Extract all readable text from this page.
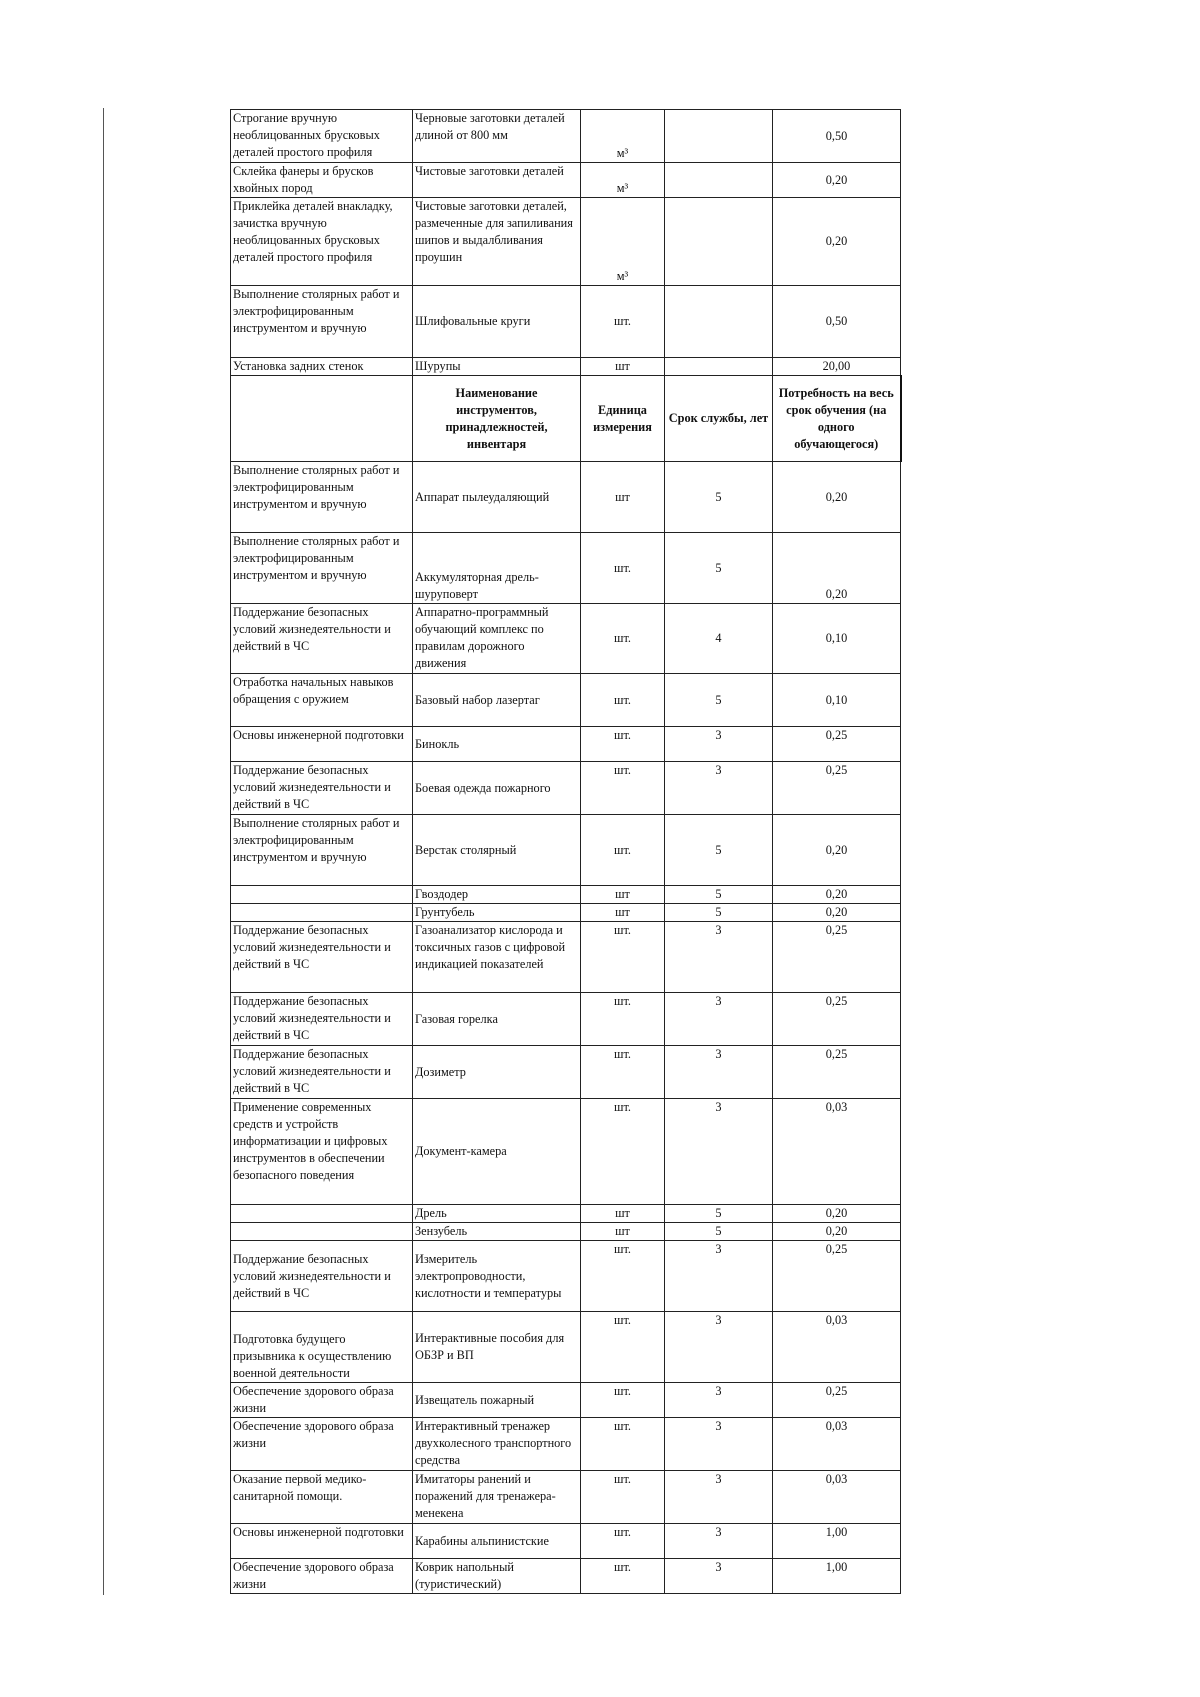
Строгание вручную необлицованных брусковых деталей простого профиля	Черновые заготовки деталей длиной от 800 мм	м³		0,50
Склейка фанеры и брусков хвойных пород	Чистовые заготовки деталей	м³		0,20
Приклейка деталей внакладку, зачистка вручную необлицованных брусковых деталей простого профиля	Чистовые заготовки деталей, размеченные для запиливания шипов и выдалбливания проушин	м³		0,20
Выполнение столярных работ и электрофицированным инструментом и вручную	Шлифовальные круги	шт.		0,50
Установка задних стенок	Шурупы	шт		20,00
	Наименование инструментов, принадлежностей, инвентаря	Единица измерения	Срок службы, лет	Потребность на весь срок обучения (на одного обучающегося)
Выполнение столярных работ и электрофицированным инструментом и вручную	Аппарат пылеудаляющий	шт	5	0,20
Выполнение столярных работ и электрофицированным инструментом и вручную	Аккумуляторная дрель-шуруповерт	шт.	5	0,20
Поддержание безопасных условий жизнедеятельности и действий в ЧС	Аппаратно-программный обучающий комплекс по правилам дорожного движения	шт.	4	0,10
Отработка начальных навыков обращения с оружием	Базовый набор лазертаг	шт.	5	0,10
Основы инженерной подготовки	Бинокль	шт.	3	0,25
Поддержание безопасных условий жизнедеятельности и действий в ЧС	Боевая одежда пожарного	шт.	3	0,25
Выполнение столярных работ и электрофицированным инструментом и вручную	Верстак столярный	шт.	5	0,20
	Гвоздодер	шт	5	0,20
	Грунтубель	шт	5	0,20
Поддержание безопасных условий жизнедеятельности и действий в ЧС	Газоанализатор кислорода и токсичных газов с цифровой индикацией показателей	шт.	3	0,25
Поддержание безопасных условий жизнедеятельности и действий в ЧС	Газовая горелка	шт.	3	0,25
Поддержание безопасных условий жизнедеятельности и действий в ЧС	Дозиметр	шт.	3	0,25
Применение современных средств и устройств информатизации и цифровых инструментов в обеспечении безопасного поведения	Документ-камера	шт.	3	0,03
	Дрель	шт	5	0,20
	Зензубель	шт	5	0,20
Поддержание безопасных условий жизнедеятельности и действий в ЧС	Измеритель электропроводности, кислотности и температуры	шт.	3	0,25
Подготовка будущего призывника к осуществлению военной деятельности	Интерактивные пособия для ОБЗР и ВП	шт.	3	0,03
Обеспечение здорового образа жизни	Извещатель пожарный	шт.	3	0,25
Обеспечение здорового образа жизни	Интерактивный тренажер двухколесного транспортного средства	шт.	3	0,03
Оказание первой медико-санитарной помощи.	Имитаторы ранений и поражений для тренажера-менекена	шт.	3	0,03
Основы инженерной подготовки	Карабины альпинистские	шт.	3	1,00
Обеспечение здорового образа жизни	Коврик напольный (туристический)	шт.	3	1,00
